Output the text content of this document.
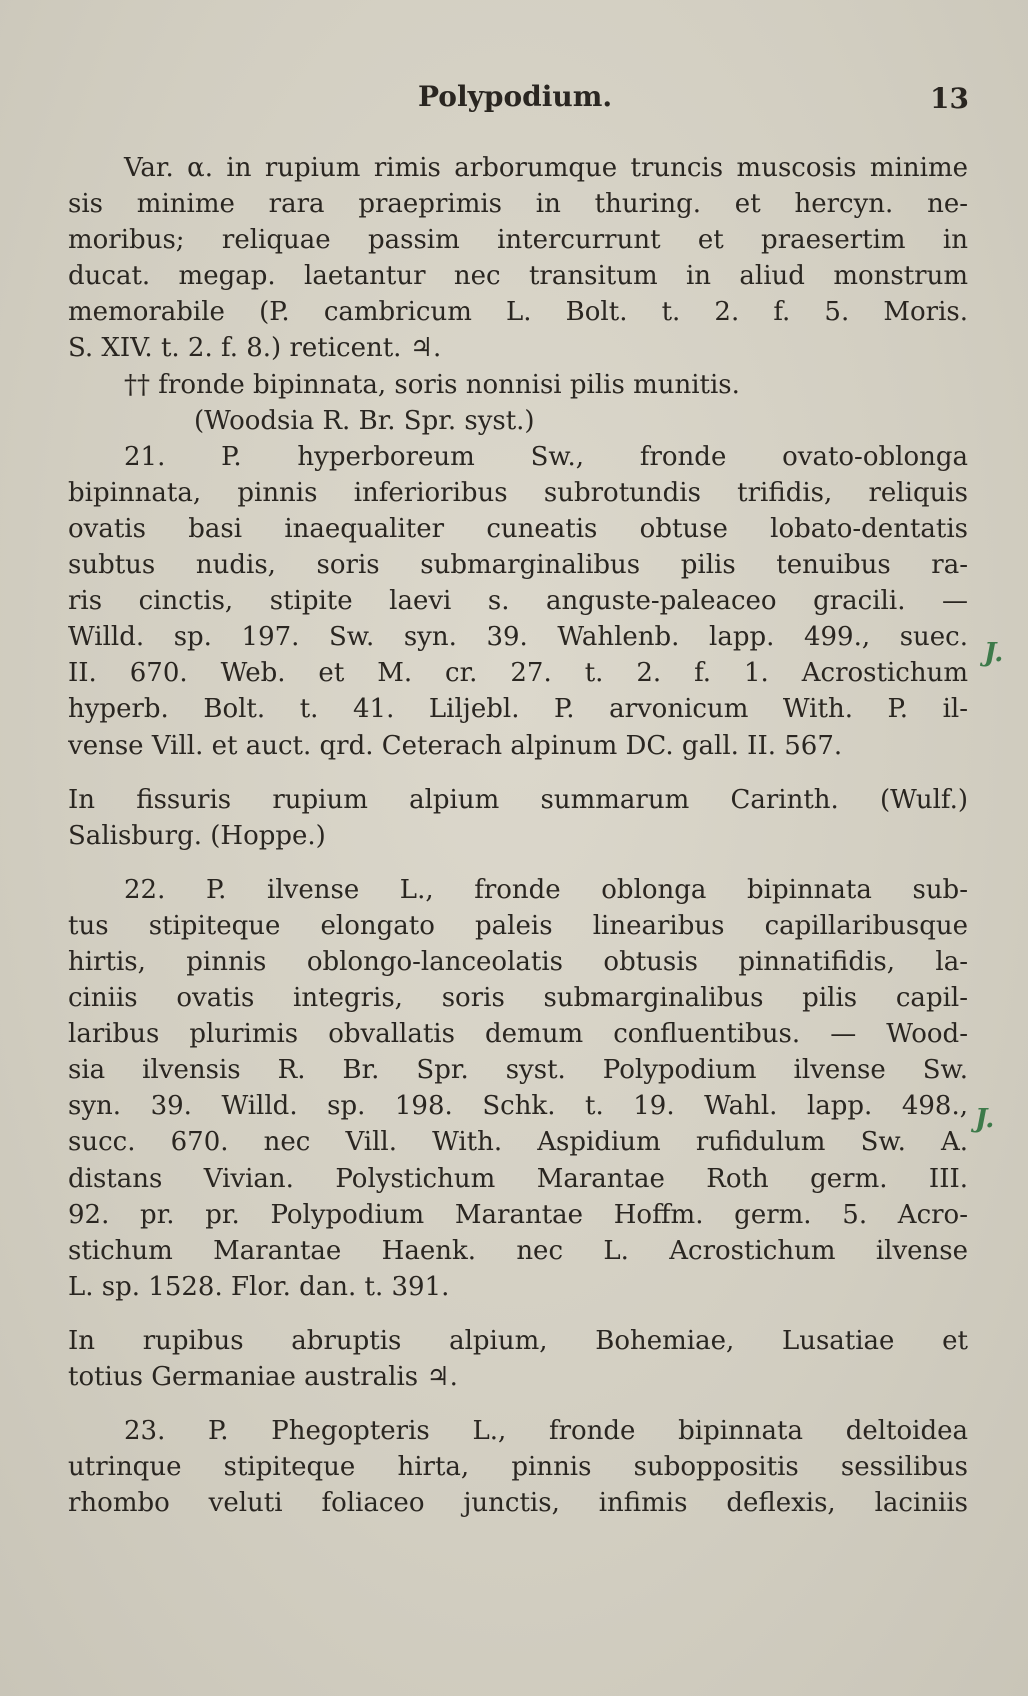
Polypodium.	13
Var. α. in rupium rimis arborumque truncis muscosis minime
sis minime rara praeprimis in thuring. et hercyn. ne-
moribus; reliquae passim intercurrunt et praesertim in
ducat. megap. laetantur nec transitum in aliud monstrum
memorabile (P. cambricum L. Bolt. t. 2. f. 5. Moris.
S. XIV. t. 2. f. 8.) reticent. ♃.
†† fronde bipinnata, soris nonnisi pilis munitis.
(Woodsia R. Br. Spr. syst.)
21. P. hyperboreum Sw., fronde ovato-oblonga
bipinnata, pinnis inferioribus subrotundis trifidis, reliquis
ovatis basi inaequaliter cuneatis obtuse lobato-dentatis
subtus nudis, soris submarginalibus pilis tenuibus ra-
ris cinctis, stipite laevi s. anguste-paleaceo gracili. —
Willd. sp. 197. Sw. syn. 39. Wahlenb. lapp. 499., suec.
II. 670. Web. et M. cr. 27. t. 2. f. 1. Acrostichum
hyperb. Bolt. t. 41. Liljebl. P. arvonicum With. P. il-
vense Vill. et auct. qrd. Ceterach alpinum DC. gall. II. 567.
In fissuris rupium alpium summarum Carinth. (Wulf.)
Salisburg. (Hoppe.)
22. P. ilvense L., fronde oblonga bipinnata sub-
tus stipiteque elongato paleis linearibus capillaribusque
hirtis, pinnis oblongo-lanceolatis obtusis pinnatifidis, la-
ciniis ovatis integris, soris submarginalibus pilis capil-
laribus plurimis obvallatis demum confluentibus. — Wood-
sia ilvensis R. Br. Spr. syst. Polypodium ilvense Sw.
syn. 39. Willd. sp. 198. Schk. t. 19. Wahl. lapp. 498.,
succ. 670. nec Vill. With. Aspidium rufidulum Sw. A.
distans Vivian. Polystichum Marantae Roth germ. III.
92. pr. pr. Polypodium Marantae Hoffm. germ. 5. Acro-
stichum Marantae Haenk. nec L. Acrostichum ilvense
L. sp. 1528. Flor. dan. t. 391.
In rupibus abruptis alpium, Bohemiae, Lusatiae et
totius Germaniae australis ♃.
23. P. Phegopteris L., fronde bipinnata deltoidea
utrinque stipiteque hirta, pinnis suboppositis sessilibus
rhombo veluti foliaceo junctis, infimis deflexis, laciniis
J.
J.
